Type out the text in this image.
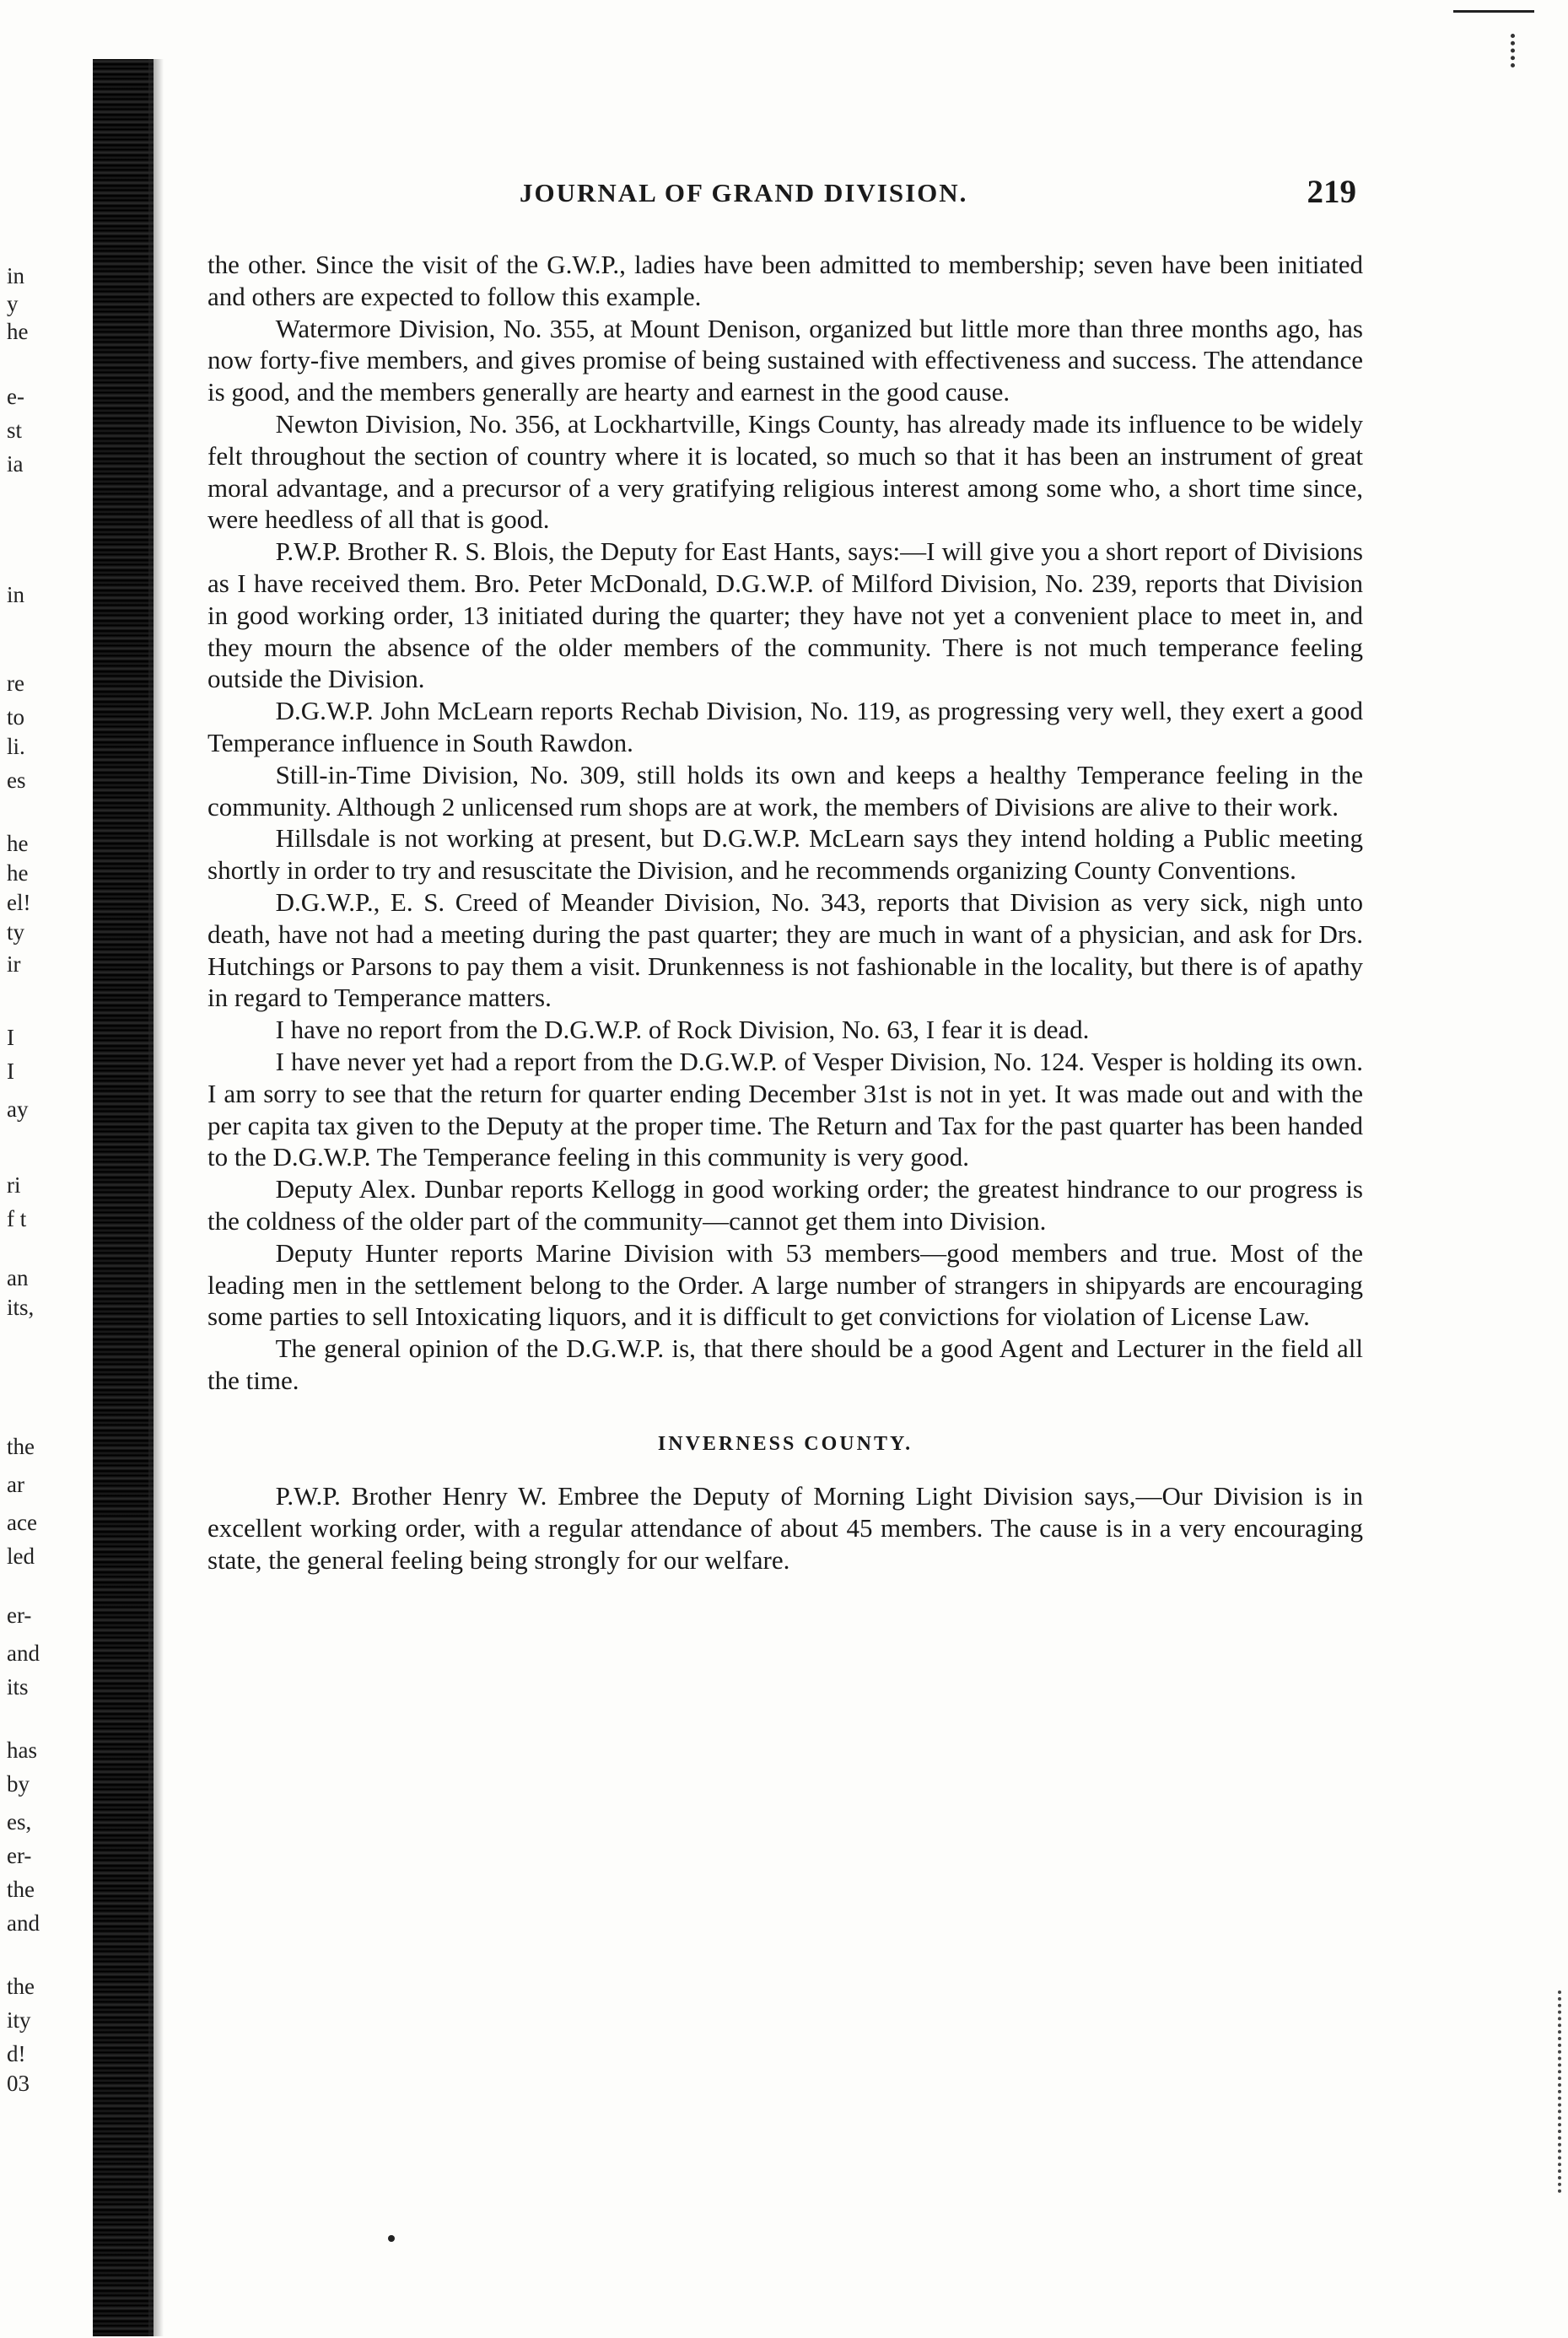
in
y
he
e-
st
ia
in
re
to
li.
es
he
he
el!
ty
ir
I
I
ay
ri
f t
an
its,
the
ar
ace
led
er-
and
its
has
by
es,
er-
the
and
the
ity
d!
03
JOURNAL OF GRAND DIVISION.	219

the other. Since the visit of the G.W.P., ladies have been admitted to membership; seven have been initiated and others are expected to follow this example.

Watermore Division, No. 355, at Mount Denison, organized but little more than three months ago, has now forty-five members, and gives promise of being sustained with effectiveness and success. The attendance is good, and the members generally are hearty and earnest in the good cause.

Newton Division, No. 356, at Lockhartville, Kings County, has already made its influence to be widely felt throughout the section of country where it is located, so much so that it has been an instrument of great moral advantage, and a precursor of a very gratifying religious interest among some who, a short time since, were heedless of all that is good.

P.W.P. Brother R. S. Blois, the Deputy for East Hants, says:—I will give you a short report of Divisions as I have received them. Bro. Peter McDonald, D.G.W.P. of Milford Division, No. 239, reports that Division in good working order, 13 initiated during the quarter; they have not yet a convenient place to meet in, and they mourn the absence of the older members of the community. There is not much temperance feeling outside the Division.

D.G.W.P. John McLearn reports Rechab Division, No. 119, as progressing very well, they exert a good Temperance influence in South Rawdon.

Still-in-Time Division, No. 309, still holds its own and keeps a healthy Temperance feeling in the community. Although 2 unlicensed rum shops are at work, the members of Divisions are alive to their work.

Hillsdale is not working at present, but D.G.W.P. McLearn says they intend holding a Public meeting shortly in order to try and resuscitate the Division, and he recommends organizing County Conventions.

D.G.W.P., E. S. Creed of Meander Division, No. 343, reports that Division as very sick, nigh unto death, have not had a meeting during the past quarter; they are much in want of a physician, and ask for Drs. Hutchings or Parsons to pay them a visit. Drunkenness is not fashionable in the locality, but there is of apathy in regard to Temperance matters.

I have no report from the D.G.W.P. of Rock Division, No. 63, I fear it is dead.

I have never yet had a report from the D.G.W.P. of Vesper Division, No. 124. Vesper is holding its own. I am sorry to see that the return for quarter ending December 31st is not in yet. It was made out and with the per capita tax given to the Deputy at the proper time. The Return and Tax for the past quarter has been handed to the D.G.W.P. The Temperance feeling in this community is very good.

Deputy Alex. Dunbar reports Kellogg in good working order; the greatest hindrance to our progress is the coldness of the older part of the community—cannot get them into Division.

Deputy Hunter reports Marine Division with 53 members—good members and true. Most of the leading men in the settlement belong to the Order. A large number of strangers in shipyards are encouraging some parties to sell Intoxicating liquors, and it is difficult to get convictions for violation of License Law.

The general opinion of the D.G.W.P. is, that there should be a good Agent and Lecturer in the field all the time.

INVERNESS COUNTY.

P.W.P. Brother Henry W. Embree the Deputy of Morning Light Division says,—Our Division is in excellent working order, with a regular attendance of about 45 members. The cause is in a very encouraging state, the general feeling being strongly for our welfare.
